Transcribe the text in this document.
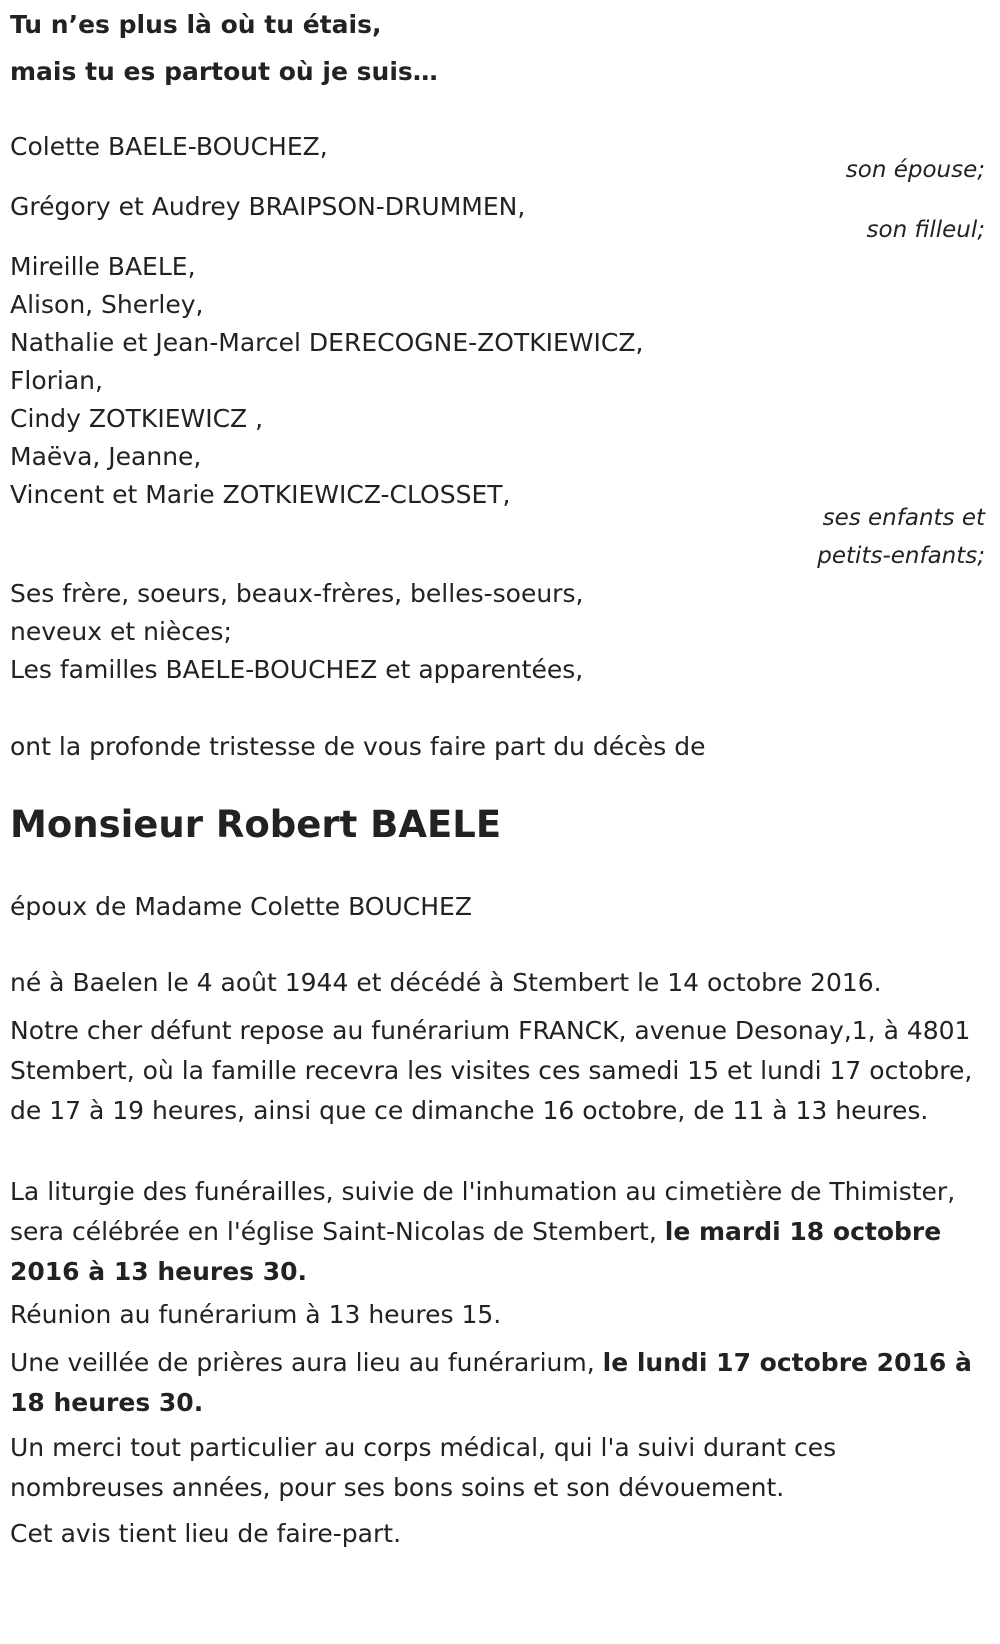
Tu n’es plus là où tu étais,
mais tu es partout où je suis…
Colette BAELE-BOUCHEZ,
son épouse;
Grégory et Audrey BRAIPSON-DRUMMEN,
son filleul;
Mireille BAELE,
Alison, Sherley,
Nathalie et Jean-Marcel DERECOGNE-ZOTKIEWICZ,
Florian,
Cindy ZOTKIEWICZ ,
Maëva, Jeanne,
Vincent et Marie ZOTKIEWICZ-CLOSSET,
ses enfants et
petits-enfants;
Ses frère, soeurs, beaux-frères, belles-soeurs,
neveux et nièces;
Les familles BAELE-BOUCHEZ et apparentées,
ont la profonde tristesse de vous faire part du décès de
Monsieur Robert BAELE
époux de Madame Colette BOUCHEZ
né à Baelen le 4 août 1944 et décédé à Stembert le 14 octobre 2016.
Notre cher défunt repose au funérarium FRANCK, avenue Desonay,1, à 4801 Stembert, où la famille recevra les visites ces samedi 15 et lundi 17 octobre, de 17 à 19 heures, ainsi que ce dimanche 16 octobre, de 11 à 13 heures.
La liturgie des funérailles, suivie de l'inhumation au cimetière de Thimister, sera célébrée en l'église Saint-Nicolas de Stembert, le mardi 18 octobre 2016 à 13 heures 30.
Réunion au funérarium à 13 heures 15.
Une veillée de prières aura lieu au funérarium, le lundi 17 octobre 2016 à 18 heures 30.
Un merci tout particulier au corps médical, qui l'a suivi durant ces nombreuses années, pour ses bons soins et son dévouement.
Cet avis tient lieu de faire-part.
